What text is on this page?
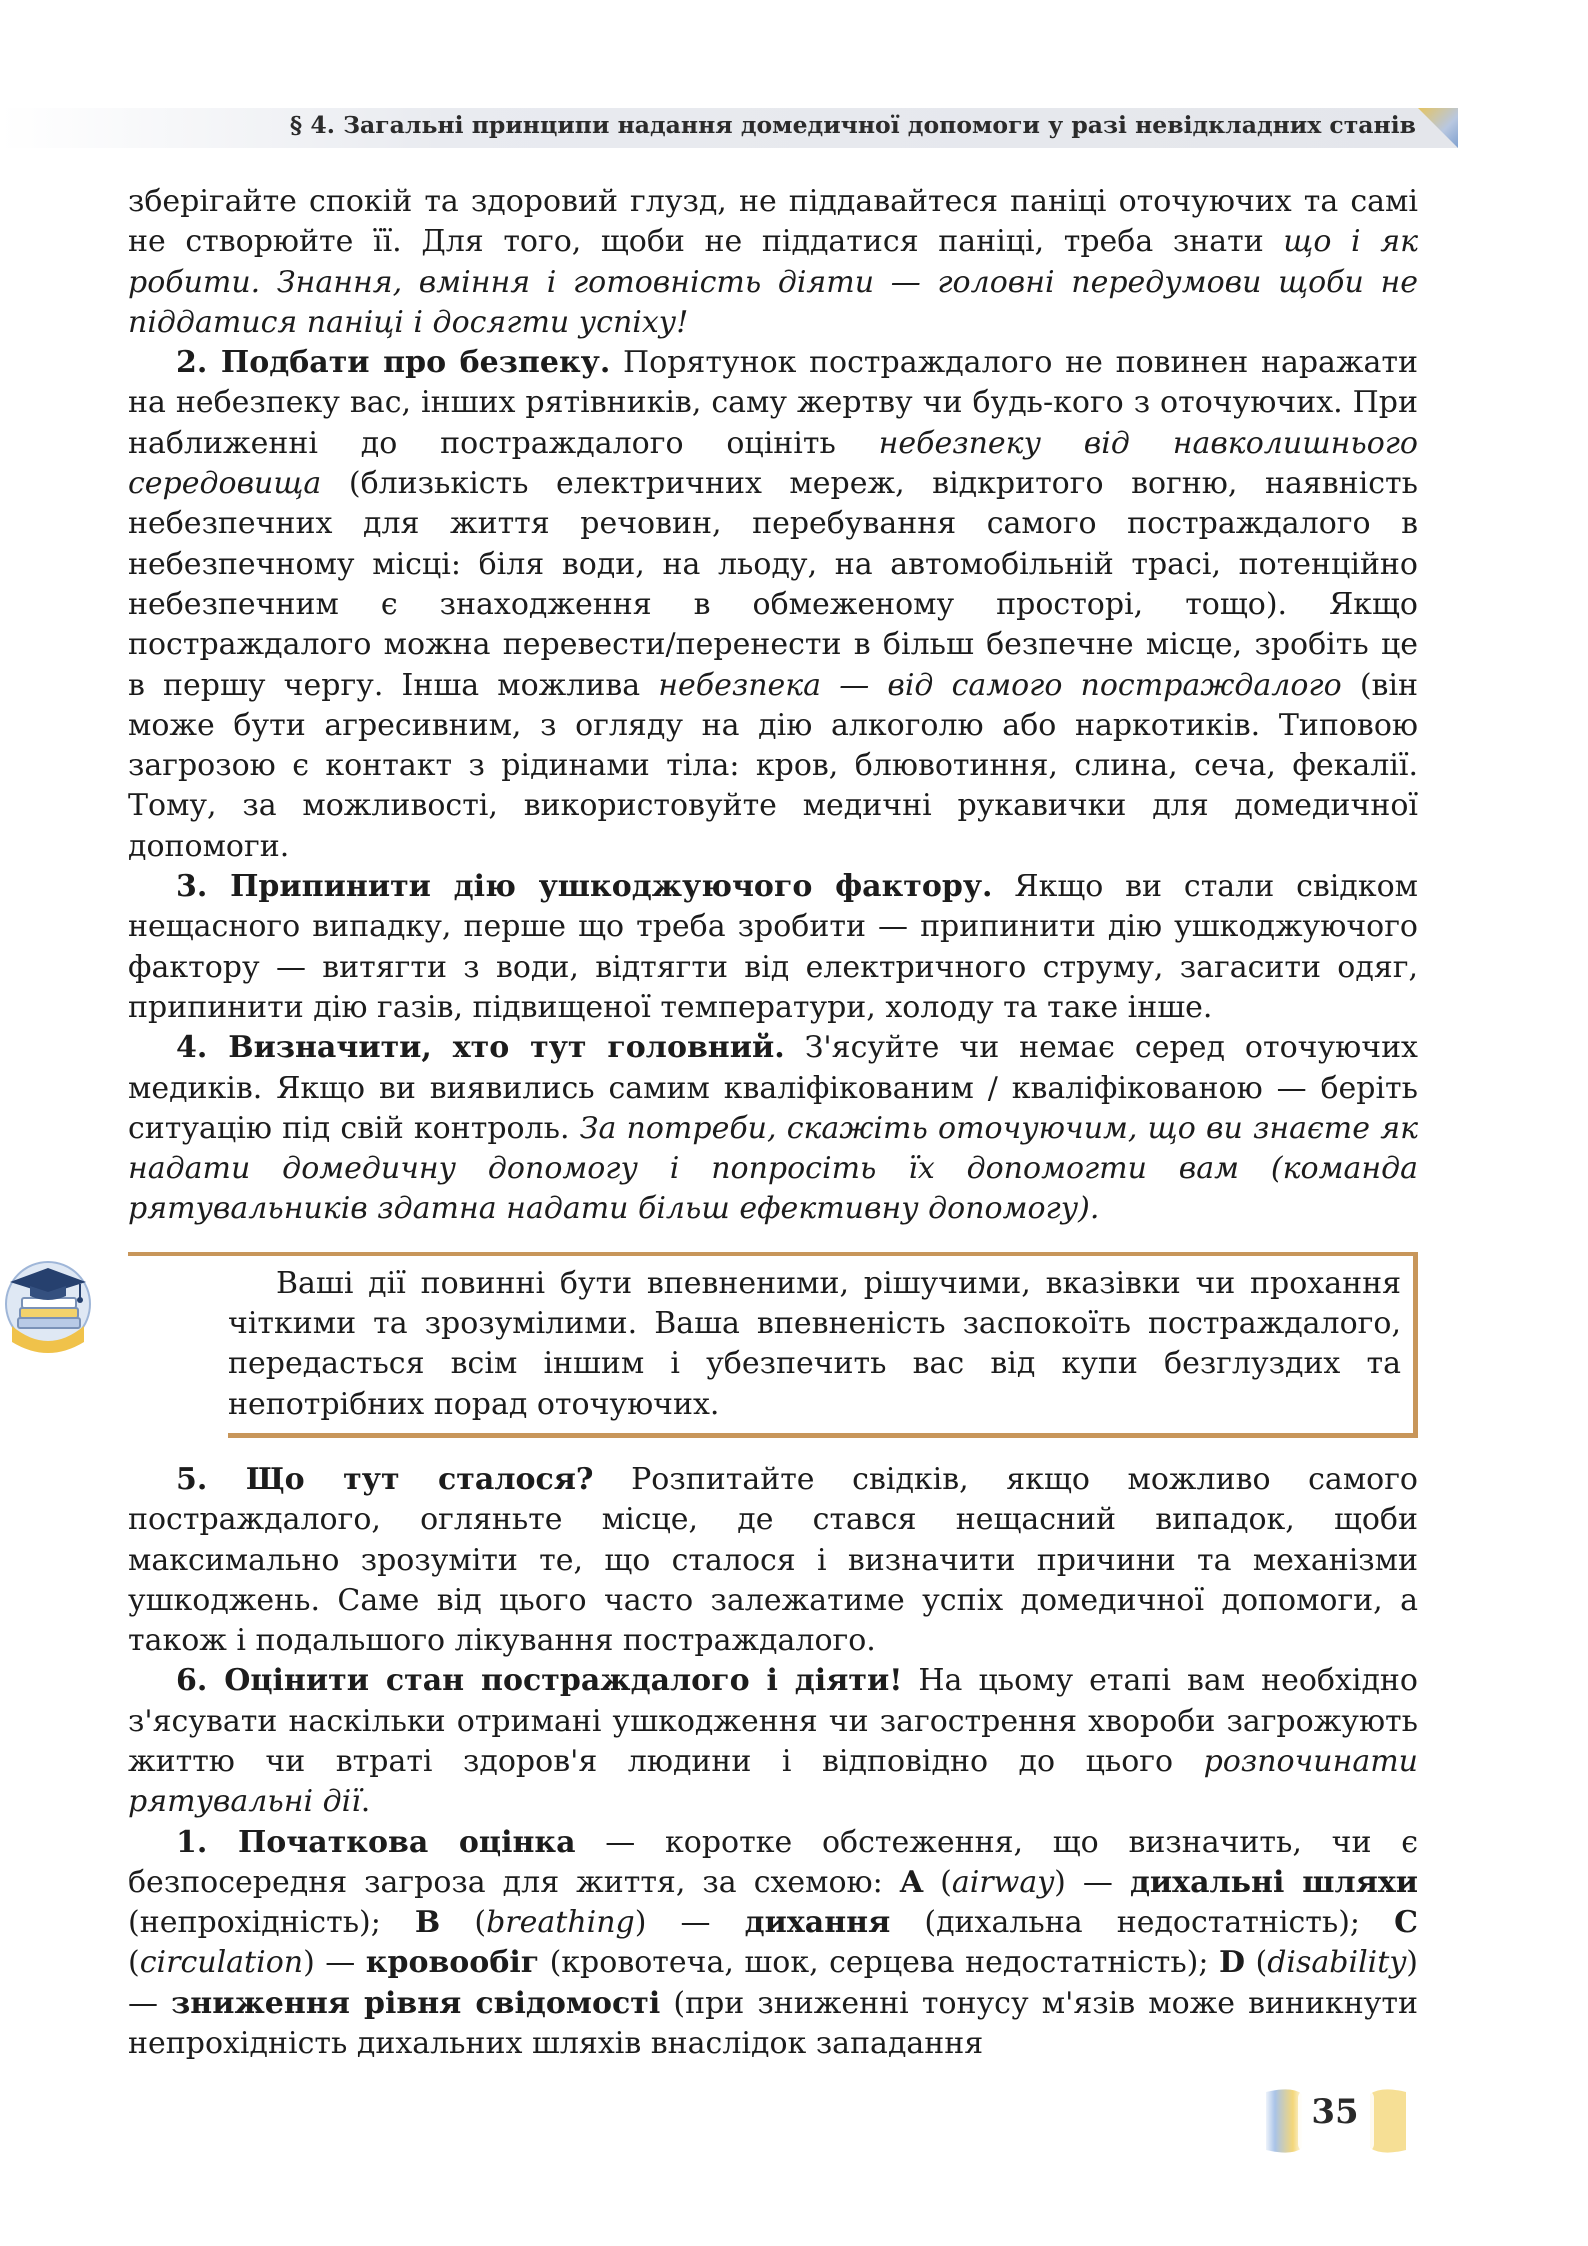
§ 4. Загальні принципи надання домедичної допомоги у разі невідкладних станів

зберігайте спокій та здоровий глузд, не піддавайтеся паніці оточуючих та самі не створюйте її. Для того, щоби не піддатися паніці, треба знати що і як робити. Знання, вміння і готовність діяти — головні передумови щоби не піддатися паніці і досягти успіху!

2. Подбати про безпеку. Порятунок постраждалого не повинен наражати на небезпеку вас, інших рятівників, саму жертву чи будь-кого з оточуючих. При наближенні до постраждалого оцініть небезпеку від навколишнього середовища (близькість електричних мереж, відкритого вогню, наявність небезпечних для життя речовин, перебування самого постраждалого в небезпечному місці: біля води, на льоду, на автомобільній трасі, потенційно небезпечним є знаходження в обмеженому просторі, тощо). Якщо постраждалого можна перевести/перенести в більш безпечне місце, зробіть це в першу чергу. Інша можлива небезпека — від самого постраждалого (він може бути агресивним, з огляду на дію алкоголю або наркотиків. Типовою загрозою є контакт з рідинами тіла: кров, блювотиння, слина, сеча, фекалії. Тому, за можливості, використовуйте медичні рукавички для домедичної допомоги.

3. Припинити дію ушкоджуючого фактору. Якщо ви стали свідком нещасного випадку, перше що треба зробити — припинити дію ушкоджуючого фактору — витягти з води, відтягти від електричного струму, загасити одяг, припинити дію газів, підвищеної температури, холоду та таке інше.

4. Визначити, хто тут головний. З'ясуйте чи немає серед оточуючих медиків. Якщо ви виявились самим кваліфікованим / кваліфікованою — беріть ситуацію під свій контроль. За потреби, скажіть оточуючим, що ви знаєте як надати домедичну допомогу і попросіть їх допомогти вам (команда рятувальників здатна надати більш ефективну допомогу).

Ваші дії повинні бути впевненими, рішучими, вказівки чи прохання чіткими та зрозумілими. Ваша впевненість заспокоїть постраждалого, передасться всім іншим і убезпечить вас від купи безглуздих та непотрібних порад оточуючих.

5. Що тут сталося? Розпитайте свідків, якщо можливо самого постраждалого, огляньте місце, де стався нещасний випадок, щоби максимально зрозуміти те, що сталося і визначити причини та механізми ушкоджень. Саме від цього часто залежатиме успіх домедичної допомоги, а також і подальшого лікування постраждалого.

6. Оцінити стан постраждалого і діяти! На цьому етапі вам необхідно з'ясувати наскільки отримані ушкодження чи загострення хвороби загрожують життю чи втраті здоров'я людини і відповідно до цього розпочинати рятувальні дії.

1. Початкова оцінка — коротке обстеження, що визначить, чи є безпосередня загроза для життя, за схемою: A (airway) — дихальні шляхи (непрохідність); B (breathing) — дихання (дихальна недостатність); C (circulation) — кровообіг (кровотеча, шок, серцева недостатність); D (disability) — зниження рівня свідомості (при зниженні тонусу м'язів може виникнути непрохідність дихальних шляхів внаслідок западання

35
